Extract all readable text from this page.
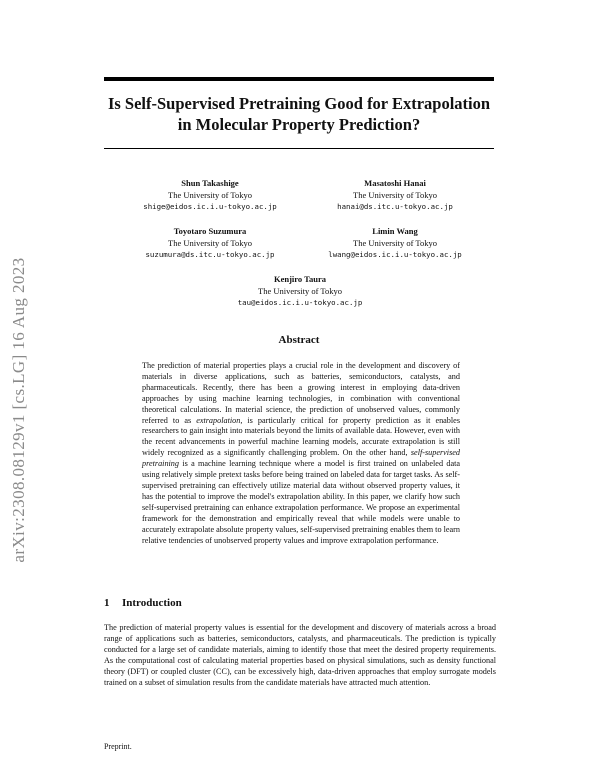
arXiv:2308.08129v1 [cs.LG] 16 Aug 2023
Is Self-Supervised Pretraining Good for Extrapolation
in Molecular Property Prediction?
Shun Takashige
The University of Tokyo
shige@eidos.ic.i.u-tokyo.ac.jp
Masatoshi Hanai
The University of Tokyo
hanai@ds.itc.u-tokyo.ac.jp
Toyotaro Suzumura
The University of Tokyo
suzumura@ds.itc.u-tokyo.ac.jp
Limin Wang
The University of Tokyo
lwang@eidos.ic.i.u-tokyo.ac.jp
Kenjiro Taura
The University of Tokyo
tau@eidos.ic.i.u-tokyo.ac.jp
Abstract

The prediction of material properties plays a crucial role in the development and discovery of materials in diverse applications, such as batteries, semiconductors, catalysts, and pharmaceuticals. Recently, there has been a growing interest in employing data-driven approaches by using machine learning technologies, in combination with conventional theoretical calculations. In material science, the prediction of unobserved values, commonly referred to as extrapolation, is particularly critical for property prediction as it enables researchers to gain insight into materials beyond the limits of available data. However, even with the recent advancements in powerful machine learning models, accurate extrapolation is still widely recognized as a significantly challenging problem. On the other hand, self-supervised pretraining is a machine learning technique where a model is first trained on unlabeled data using relatively simple pretext tasks before being trained on labeled data for target tasks. As self-supervised pretraining can effectively utilize material data without observed property values, it has the potential to improve the model's extrapolation ability. In this paper, we clarify how such self-supervised pretraining can enhance extrapolation performance. We propose an experimental framework for the demonstration and empirically reveal that while models were unable to accurately extrapolate absolute property values, self-supervised pretraining enables them to learn relative tendencies of unobserved property values and improve extrapolation performance.

1 Introduction

The prediction of material property values is essential for the development and discovery of materials across a broad range of applications such as batteries, semiconductors, catalysts, and pharmaceuticals. The prediction is typically conducted for a large set of candidate materials, aiming to identify those that meet the desired property requirements. As the computational cost of calculating material properties based on physical simulations, such as density functional theory (DFT) or coupled cluster (CC), can be excessively high, data-driven approaches that employ surrogate models trained on a subset of simulation results from the candidate materials have attracted much attention.

Preprint.
